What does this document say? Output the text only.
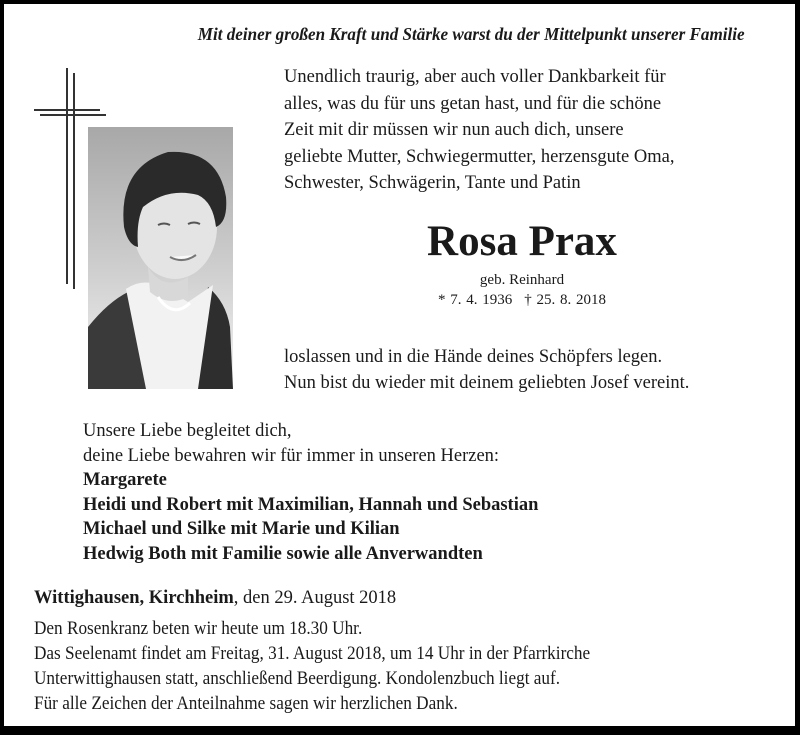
Mit deiner großen Kraft und Stärke warst du der Mittelpunkt unserer Familie
Unendlich traurig, aber auch voller Dankbarkeit für
alles, was du für uns getan hast, und für die schöne
Zeit mit dir müssen wir nun auch dich, unsere
geliebte Mutter, Schwiegermutter, herzensgute Oma,
Schwester, Schwägerin, Tante und Patin
Rosa Prax
geb. Reinhard
* 7. 4. 1936 † 25. 8. 2018
loslassen und in die Hände deines Schöpfers legen.
Nun bist du wieder mit deinem geliebten Josef vereint.
Unsere Liebe begleitet dich,
deine Liebe bewahren wir für immer in unseren Herzen:
Margarete
Heidi und Robert mit Maximilian, Hannah und Sebastian
Michael und Silke mit Marie und Kilian
Hedwig Both mit Familie sowie alle Anverwandten
Wittighausen, Kirchheim, den 29. August 2018
Den Rosenkranz beten wir heute um 18.30 Uhr.
Das Seelenamt findet am Freitag, 31. August 2018, um 14 Uhr in der Pfarrkirche
Unterwittighausen statt, anschließend Beerdigung. Kondolenzbuch liegt auf.
Für alle Zeichen der Anteilnahme sagen wir herzlichen Dank.
